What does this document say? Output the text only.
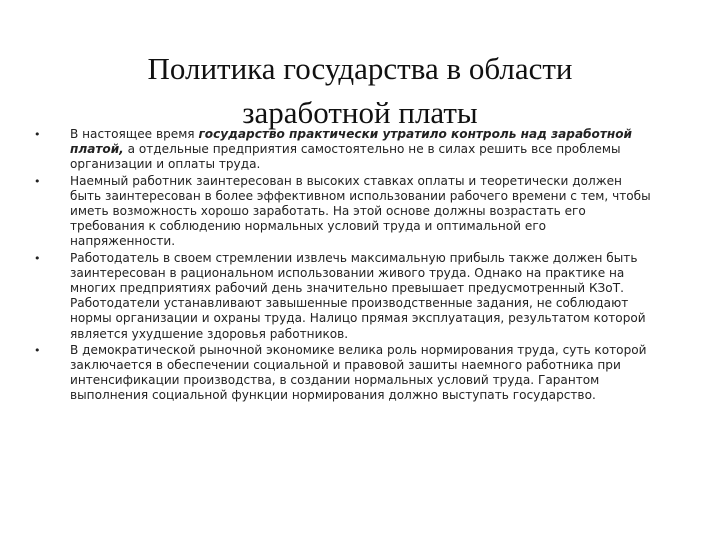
Политика государства в области
заработной платы
• В настоящее время государство практически утратило контроль над заработной платой, а отдельные предприятия самостоятельно не в силах решить все проблемы организации и оплаты труда.
• Наемный работник заинтересован в высоких ставках оплаты и теоретически должен быть заинтересован в более эффективном использовании рабочего времени с тем, чтобы иметь возможность хорошо заработать. На этой основе должны возрастать его требования к соблюдению нормальных условий труда и оптимальной его напряженности.
• Работодатель в своем стремлении извлечь максимальную прибыль также должен быть заинтересован в рациональном использовании живого труда. Однако на практике на многих предприятиях рабочий день значительно превышает предусмотренный КЗоТ. Работодатели устанавливают завышенные производственные задания, не соблюдают нормы организации и охраны труда. Налицо прямая эксплуатация, результатом которой является ухудшение здоровья работников.
• В демократической рыночной экономике велика роль нормирования труда, суть которой заключается в обеспечении социальной и правовой зашиты наемного работника при интенсификации производства, в создании нормальных условий труда. Гарантом выполнения социальной функции нормирования должно выступать государство.
